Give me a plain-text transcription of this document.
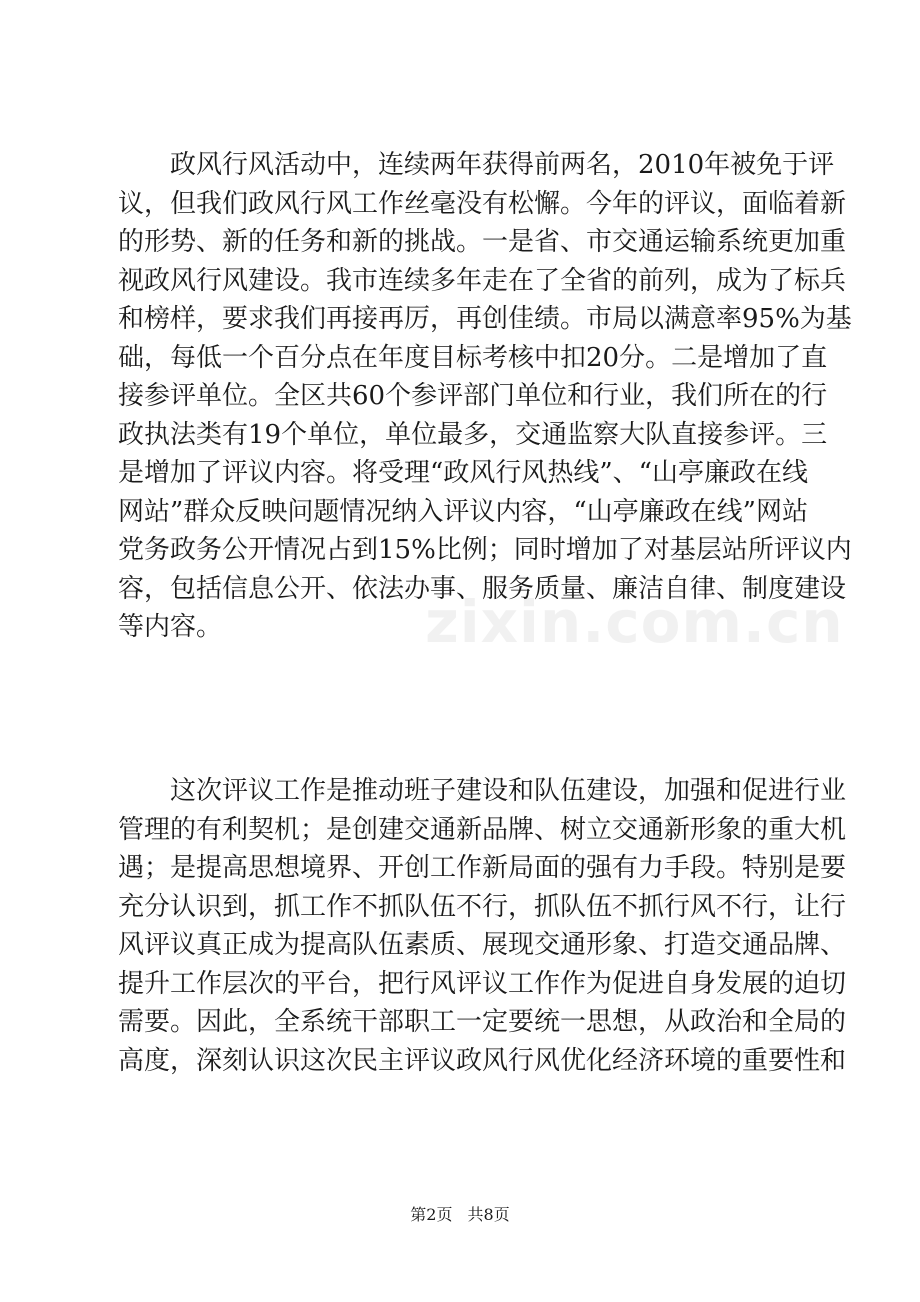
　　政风行风活动中，连续两年获得前两名，2010年被免于评
议，但我们政风行风工作丝毫没有松懈。今年的评议，面临着新
的形势、新的任务和新的挑战。一是省、市交通运输系统更加重
视政风行风建设。我市连续多年走在了全省的前列，成为了标兵
和榜样，要求我们再接再厉，再创佳绩。市局以满意率95%为基
础，每低一个百分点在年度目标考核中扣20分。二是增加了直
接参评单位。全区共60个参评部门单位和行业，我们所在的行
政执法类有19个单位，单位最多，交通监察大队直接参评。三
是增加了评议内容。将受理“政风行风热线”、“山亭廉政在线
网站”群众反映问题情况纳入评议内容，“山亭廉政在线”网站
党务政务公开情况占到15%比例；同时增加了对基层站所评议内
容，包括信息公开、依法办事、服务质量、廉洁自律、制度建设
等内容。
　　这次评议工作是推动班子建设和队伍建设，加强和促进行业
管理的有利契机；是创建交通新品牌、树立交通新形象的重大机
遇；是提高思想境界、开创工作新局面的强有力手段。特别是要
充分认识到，抓工作不抓队伍不行，抓队伍不抓行风不行，让行
风评议真正成为提高队伍素质、展现交通形象、打造交通品牌、
提升工作层次的平台，把行风评议工作作为促进自身发展的迫切
需要。因此，全系统干部职工一定要统一思想，从政治和全局的
高度，深刻认识这次民主评议政风行风优化经济环境的重要性和
zixin.com.cn
第2页 共8页
